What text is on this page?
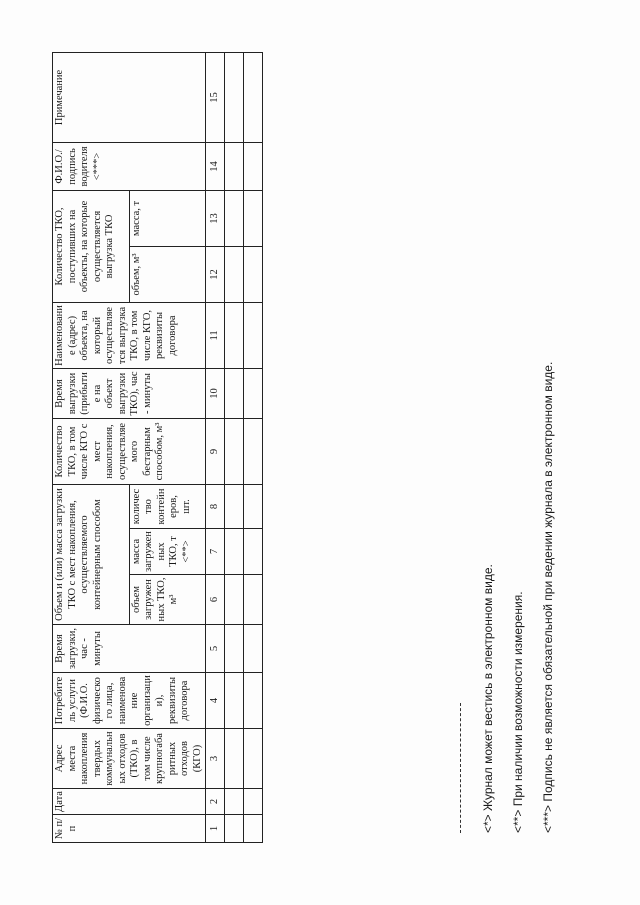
№ п/п	Дата	Адрес места накопления твердых коммунальных отходов (ТКО), в том числе крупногабаритных отходов (КГО)	Потребитель услуги (Ф.И.О. физического лица, наименование организации), реквизиты договора	Время загрузки, час - минуты	Объем и (или) масса загрузки ТКО с мест накопления, осуществляемого контейнерным способом			Количество ТКО, в том числе КГО с мест накопления, осуществляемого бестарным способом, м³	Время выгрузки (прибытие на объект выгрузки ТКО), час - минуты	Наименование (адрес) объекта, на который осуществляется выгрузка ТКО, в том числе КГО, реквизиты договора	Количество ТКО, поступивших на объекты, на которые осуществляется выгрузка ТКО		Ф.И.О./подпись водителя <***>	Примечание
					объем загруженных ТКО, м³	масса загруженных ТКО, т <**>	количество контейнеров, шт.				объем, м³	масса, т		
1	2	3	4	5	6	7	8	9	10	11	12	13	14	15

<*> Журнал может вестись в электронном виде.	<**> При наличии возможности измерения.	<***> Подпись не является обязательной при ведении журнала в электронном виде.
